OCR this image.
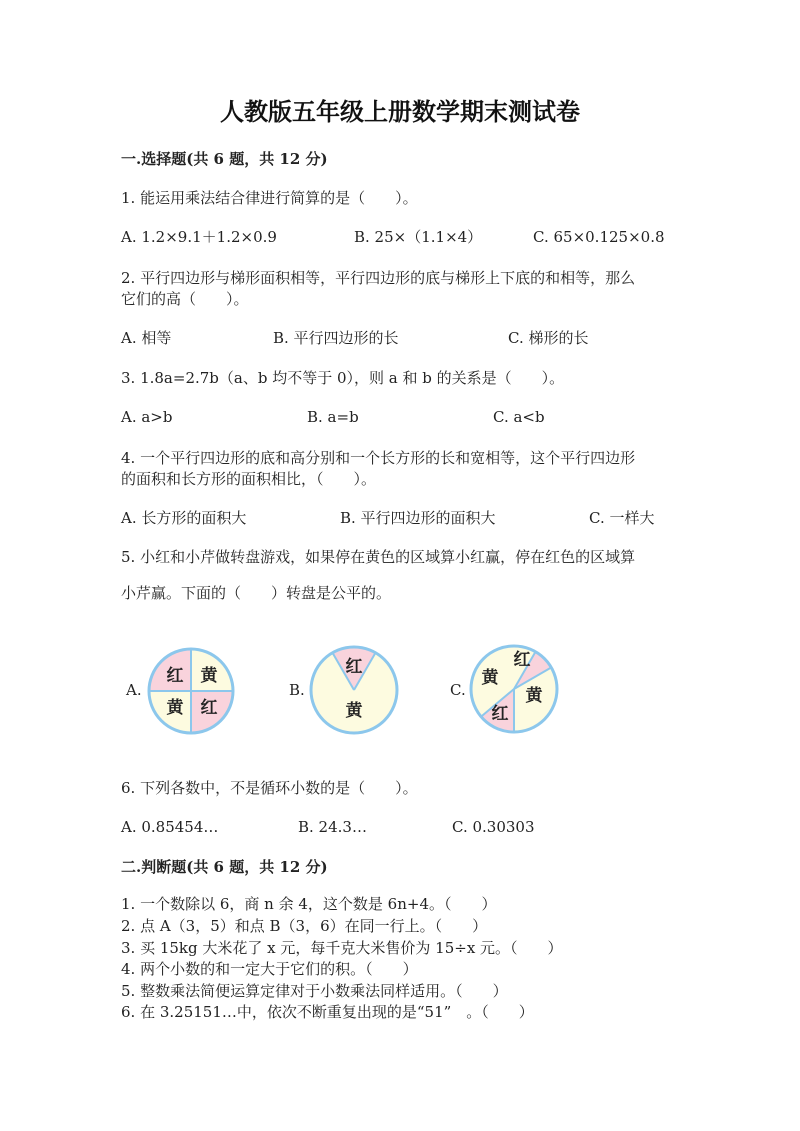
人教版五年级上册数学期末测试卷
一.选择题(共 6 题，共 12 分)
1. 能运用乘法结合律进行简算的是（　　）。
A. 1.2×9.1＋1.2×0.9	B. 25×（1.1×4）	C. 65×0.125×0.8
2. 平行四边形与梯形面积相等，平行四边形的底与梯形上下底的和相等，那么
它们的高（　　）。
A. 相等	B. 平行四边形的长	C. 梯形的长
3. 1.8a=2.7b（a、b 均不等于 0），则 a 和 b 的关系是（　　）。
A. a>b	B. a=b	C. a<b
4. 一个平行四边形的底和高分别和一个长方形的长和宽相等，这个平行四边形
的面积和长方形的面积相比，（　　）。
A. 长方形的面积大	B. 平行四边形的面积大	C. 一样大
5. 小红和小芹做转盘游戏，如果停在黄色的区域算小红赢，停在红色的区域算
小芹赢。下面的（　　）转盘是公平的。
A.
红 黄
黄 红
B.
红
黄
C.
黄
红
黄
红
6. 下列各数中，不是循环小数的是（　　）。
A. 0.85454…	B. 24.3…	C. 0.30303
二.判断题(共 6 题，共 12 分)
1. 一个数除以 6，商 n 余 4，这个数是 6n+4。（　　）
2. 点 A（3，5）和点 B（3，6）在同一行上。（　　）
3. 买 15kg 大米花了 x 元，每千克大米售价为 15÷x 元。（　　）
4. 两个小数的和一定大于它们的积。（　　）
5. 整数乘法简便运算定律对于小数乘法同样适用。（　　）
6. 在 3.25151…中，依次不断重复出现的是“51”　。（　　）
